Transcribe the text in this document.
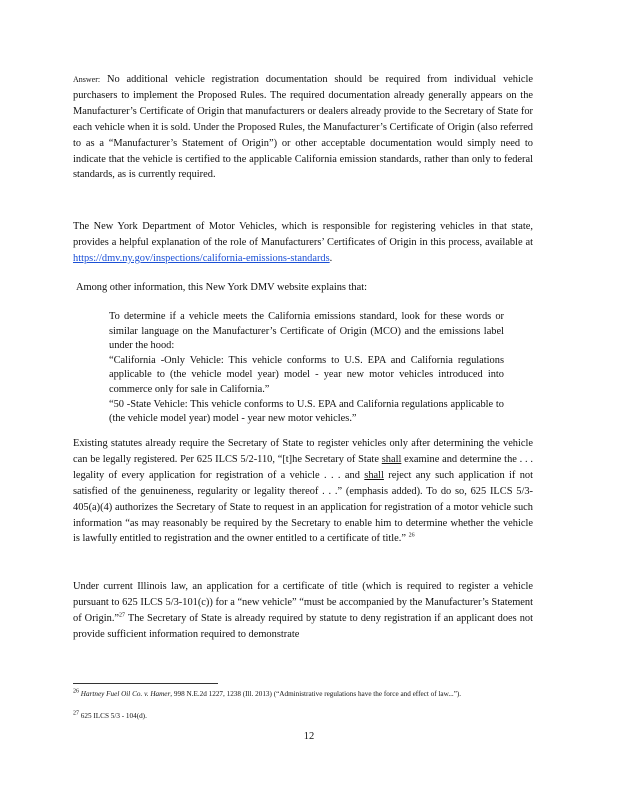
Answer: No additional vehicle registration documentation should be required from individual vehicle purchasers to implement the Proposed Rules. The required documentation already generally appears on the Manufacturer’s Certificate of Origin that manufacturers or dealers already provide to the Secretary of State for each vehicle when it is sold. Under the Proposed Rules, the Manufacturer’s Certificate of Origin (also referred to as a “Manufacturer’s Statement of Origin”) or other acceptable documentation would simply need to indicate that the vehicle is certified to the applicable California emission standards, rather than only to federal standards, as is currently required.

The New York Department of Motor Vehicles, which is responsible for registering vehicles in that state, provides a helpful explanation of the role of Manufacturers’ Certificates of Origin in this process, available at https://dmv.ny.gov/inspections/california-emissions-standards.

Among other information, this New York DMV website explains that:

To determine if a vehicle meets the California emissions standard, look for these words or similar language on the Manufacturer’s Certificate of Origin (MCO) and the emissions label under the hood:
“California -Only Vehicle: This vehicle conforms to U.S. EPA and California regulations applicable to (the vehicle model year) model - year new motor vehicles introduced into commerce only for sale in California.”
“50 -State Vehicle: This vehicle conforms to U.S. EPA and California regulations applicable to (the vehicle model year) model - year new motor vehicles.”

Existing statutes already require the Secretary of State to register vehicles only after determining the vehicle can be legally registered. Per 625 ILCS 5/2-110, “[t]he Secretary of State shall examine and determine the . . . legality of every application for registration of a vehicle . . . and shall reject any such application if not satisfied of the genuineness, regularity or legality thereof . . .” (emphasis added). To do so, 625 ILCS 5/3-405(a)(4) authorizes the Secretary of State to request in an application for registration of a motor vehicle such information “as may reasonably be required by the Secretary to enable him to determine whether the vehicle is lawfully entitled to registration and the owner entitled to a certificate of title.” $^{26}$

Under current Illinois law, an application for a certificate of title (which is required to register a vehicle pursuant to 625 ILCS 5/3-101(c)) for a “new vehicle” “must be accompanied by the Manufacturer’s Statement of Origin.”$^{27}$ The Secretary of State is already required by statute to deny registration if an applicant does not provide sufficient information required to demonstrate

$^{26}$ Hartney Fuel Oil Co. v. Hamer, 998 N.E.2d 1227, 1238 (Ill. 2013) (“Administrative regulations have the force and effect of law...”).

$^{27}$ 625 ILCS 5/3 - 104(d).

12
